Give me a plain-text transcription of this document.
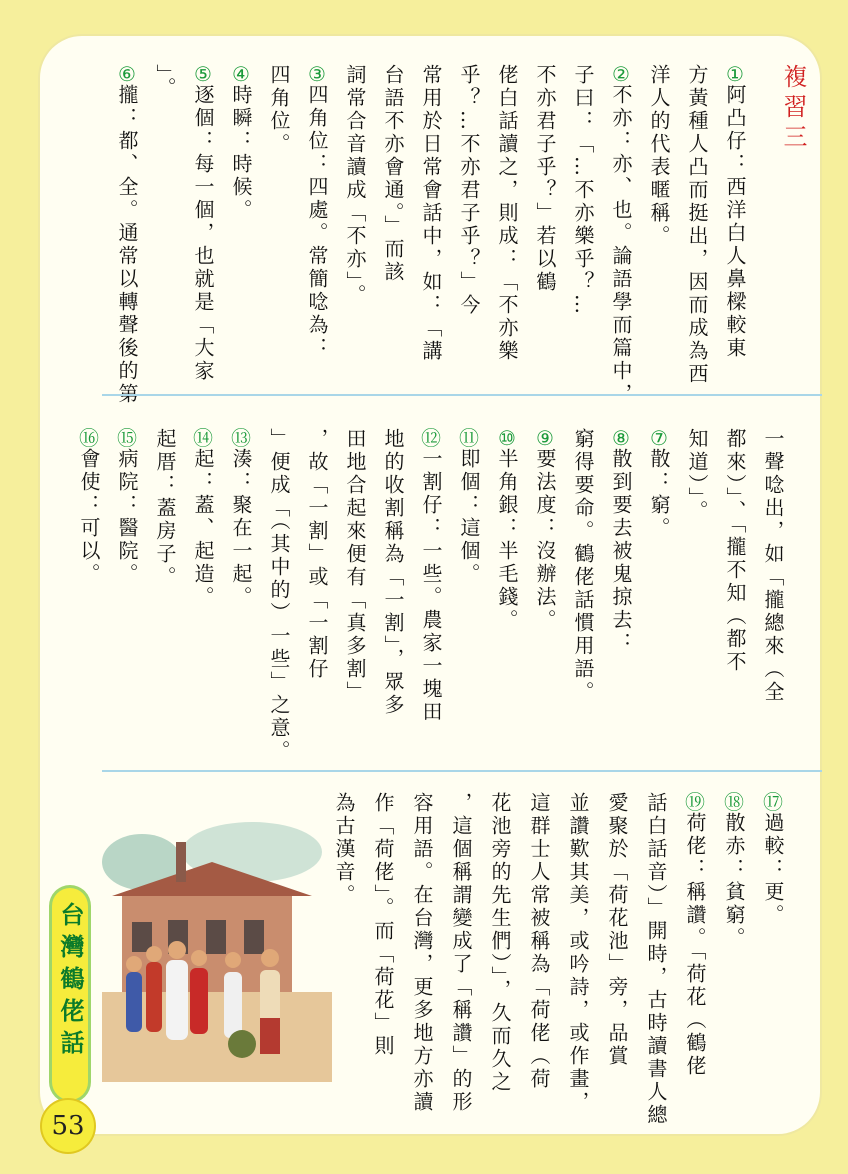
複習三
①阿凸仔：西洋白人鼻樑較東
方黃種人凸而挺出，因而成為西
洋人的代表暱稱。
②不亦：亦、也。論語學而篇中，
子曰：「…不亦樂乎？…
不亦君子乎？」若以鶴
佬白話讀之，則成：「不亦樂
乎？…不亦君子乎？」今
常用於日常會話中，如：「講
台語不亦會通。」而該
詞常合音讀成「不亦」。
③四角位：四處。常簡唸為：
四角位。
④時瞬：時候。
⑤逐個：每一個，也就是「大家
」。
⑥攏：都、全。通常以轉聲後的第
一聲唸出，如「攏總來（全
都來）」、「攏不知（都不
知道）」。
⑦散：窮。
⑧散到要去被鬼掠去：
窮得要命。鶴佬話慣用語。
⑨要法度：沒辦法。
⑩半角銀：半毛錢。
⑪即個：這個。
⑫一割仔：一些。農家一塊田
地的收割稱為「一割」，眾多
田地合起來便有「真多割」
，故「一割」或「一割仔
」便成「（其中的）一些」之意。
⑬湊：聚在一起。
⑭起：蓋、起造。
起厝：蓋房子。
⑮病院：醫院。
⑯會使：可以。
⑰過較：更。
⑱散赤：貧窮。
⑲荷佬：稱讚。「荷花（鶴佬
話白話音）」開時，古時讀書人總
愛聚於「荷花池」旁，品賞
並讚歎其美，或吟詩，或作畫，
這群士人常被稱為「荷佬（荷
花池旁的先生們）」，久而久之
，這個稱謂變成了「稱讚」的形
容用語。在台灣，更多地方亦讀
作「荷佬」。而「荷花」則
為古漢音。
台灣鶴佬話
53
